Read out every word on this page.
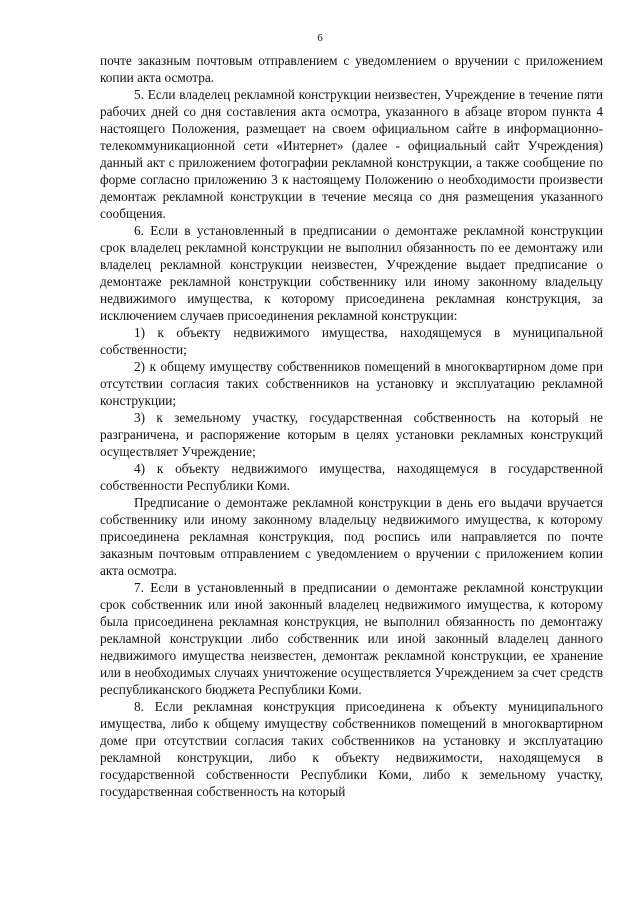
6

почте заказным почтовым отправлением с уведомлением о вручении с приложением копии акта осмотра.

5. Если владелец рекламной конструкции неизвестен, Учреждение в течение пяти рабочих дней со дня составления акта осмотра, указанного в абзаце втором пункта 4 настоящего Положения, размещает на своем официальном сайте в информационно-телекоммуникационной сети «Интернет» (далее - официальный сайт Учреждения) данный акт с приложением фотографии рекламной конструкции, а также сообщение по форме согласно приложению 3 к настоящему Положению о необходимости произвести демонтаж рекламной конструкции в течение месяца со дня размещения указанного сообщения.

6. Если в установленный в предписании о демонтаже рекламной конструкции срок владелец рекламной конструкции не выполнил обязанность по ее демонтажу или владелец рекламной конструкции неизвестен, Учреждение выдает предписание о демонтаже рекламной конструкции собственнику или иному законному владельцу недвижимого имущества, к которому присоединена рекламная конструкция, за исключением случаев присоединения рекламной конструкции:

1) к объекту недвижимого имущества, находящемуся в муниципальной собственности;

2) к общему имуществу собственников помещений в многоквартирном доме при отсутствии согласия таких собственников на установку и эксплуатацию рекламной конструкции;

3) к земельному участку, государственная собственность на который не разграничена, и распоряжение которым в целях установки рекламных конструкций осуществляет Учреждение;

4) к объекту недвижимого имущества, находящемуся в государственной собственности Республики Коми.

Предписание о демонтаже рекламной конструкции в день его выдачи вручается собственнику или иному законному владельцу недвижимого имущества, к которому присоединена рекламная конструкция, под роспись или направляется по почте заказным почтовым отправлением с уведомлением о вручении с приложением копии акта осмотра.

7. Если в установленный в предписании о демонтаже рекламной конструкции срок собственник или иной законный владелец недвижимого имущества, к которому была присоединена рекламная конструкция, не выполнил обязанность по демонтажу рекламной конструкции либо собственник или иной законный владелец данного недвижимого имущества неизвестен, демонтаж рекламной конструкции, ее хранение или в необходимых случаях уничтожение осуществляется Учреждением за счет средств республиканского бюджета Республики Коми.

8. Если рекламная конструкция присоединена к объекту муниципального имущества, либо к общему имуществу собственников помещений в многоквартирном доме при отсутствии согласия таких собственников на установку и эксплуатацию рекламной конструкции, либо к объекту недвижимости, находящемуся в государственной собственности Республики Коми, либо к земельному участку, государственная собственность на который
